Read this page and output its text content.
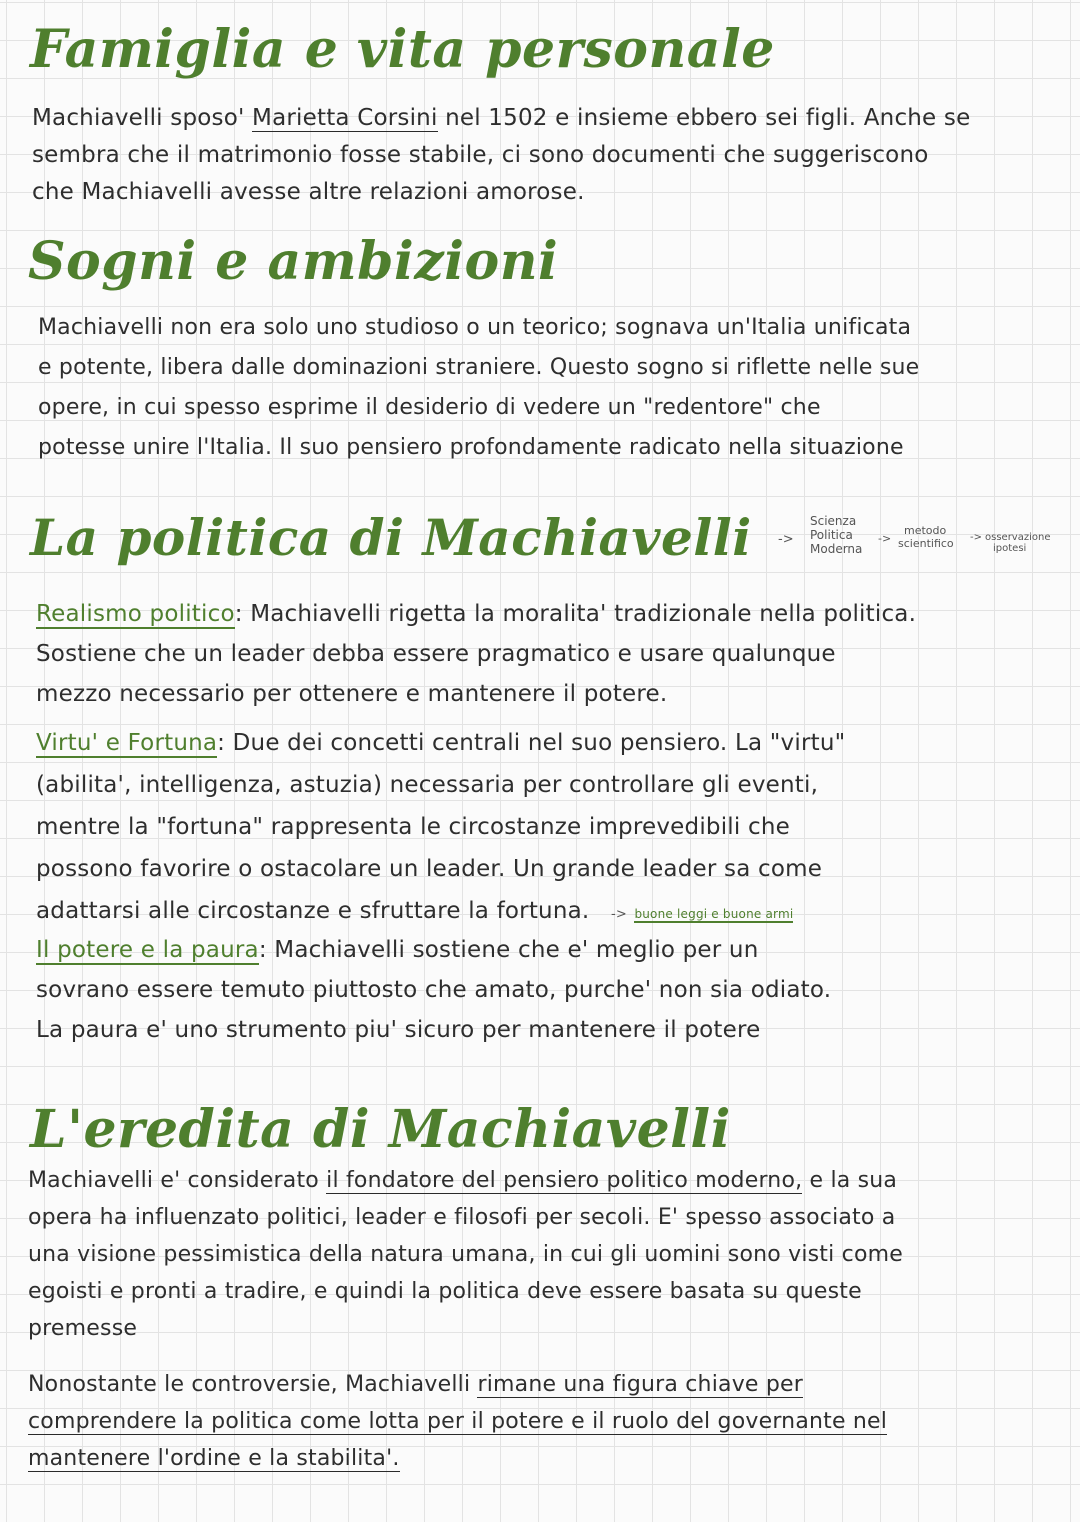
Famiglia e vita personale
Machiavelli sposo' Marietta Corsini nel 1502 e insieme ebbero sei figli. Anche se
sembra che il matrimonio fosse stabile, ci sono documenti che suggeriscono
che Machiavelli avesse altre relazioni amorose.
Sogni e ambizioni
Machiavelli non era solo uno studioso o un teorico; sognava un'Italia unificata
e potente, libera dalle dominazioni straniere. Questo sogno si riflette nelle sue
opere, in cui spesso esprime il desiderio di vedere un "redentore" che
potesse unire l'Italia. Il suo pensiero profondamente radicato nella situazione
La politica di Machiavelli ->
Scienza
Politica
Moderna
->
metodo
scientifico -> osservazione
ipotesi
Realismo politico: Machiavelli rigetta la moralita' tradizionale nella politica.
Sostiene che un leader debba essere pragmatico e usare qualunque
mezzo necessario per ottenere e mantenere il potere.
Virtu' e Fortuna: Due dei concetti centrali nel suo pensiero. La "virtu"
(abilita', intelligenza, astuzia) necessaria per controllare gli eventi,
mentre la "fortuna" rappresenta le circostanze imprevedibili che
possono favorire o ostacolare un leader. Un grande leader sa come
adattarsi alle circostanze e sfruttare la fortuna. -> buone leggi e buone armi
Il potere e la paura: Machiavelli sostiene che e' meglio per un
sovrano essere temuto piuttosto che amato, purche' non sia odiato.
La paura e' uno strumento piu' sicuro per mantenere il potere
L'eredita di Machiavelli
Machiavelli e' considerato il fondatore del pensiero politico moderno, e la sua
opera ha influenzato politici, leader e filosofi per secoli. E' spesso associato a
una visione pessimistica della natura umana, in cui gli uomini sono visti come
egoisti e pronti a tradire, e quindi la politica deve essere basata su queste
premesse
Nonostante le controversie, Machiavelli rimane una figura chiave per
comprendere la politica come lotta per il potere e il ruolo del governante nel
mantenere l'ordine e la stabilita'.
